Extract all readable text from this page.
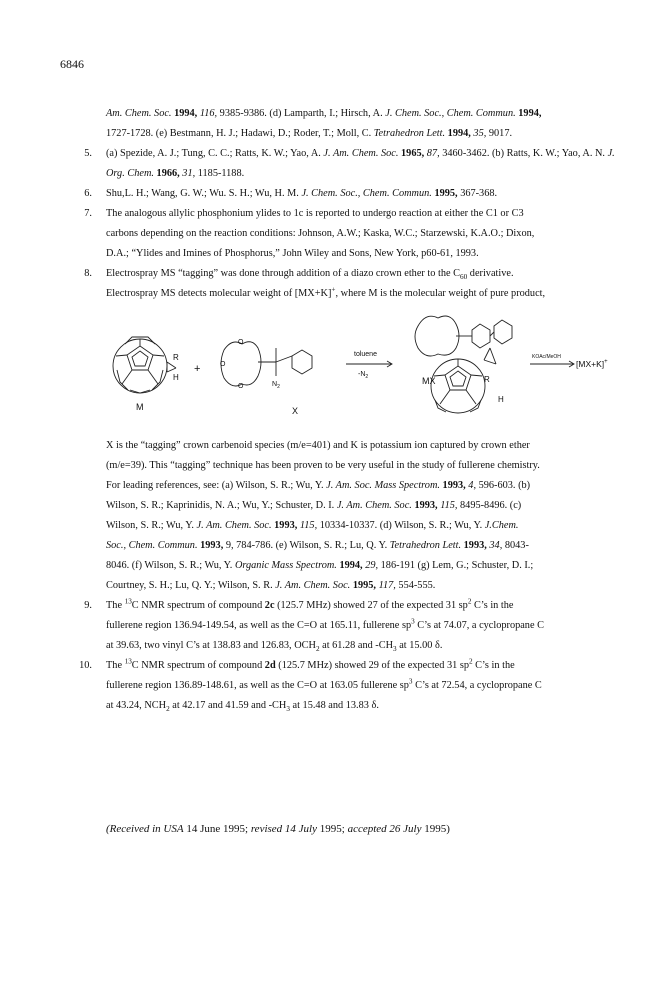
6846

Am. Chem. Soc. 1994, 116, 9385-9386. (d) Lamparth, I.; Hirsch, A. J. Chem. Soc., Chem. Commun. 1994,
1727-1728. (e) Bestmann, H. J.; Hadawi, D.; Roder, T.; Moll, C. Tetrahedron Lett. 1994, 35, 9017.

5. (a) Spezide, A. J.; Tung, C. C.; Ratts, K. W.; Yao, A. J. Am. Chem. Soc. 1965, 87, 3460-3462. (b) Ratts, K. W.; Yao, A. N. J. Org. Chem. 1966, 31, 1185-1188.
6. Shu,L. H.; Wang, G. W.; Wu. S. H.; Wu, H. M. J. Chem. Soc., Chem. Commun. 1995, 367-368.
7. The analogous allylic phosphonium ylides to 1c is reported to undergo reaction at either the C1 or C3
carbons depending on the reaction conditions: Johnson, A.W.; Kaska, W.C.; Starzewski, K.A.O.; Dixon,
D.A.; “Ylides and Imines of Phosphorus,” John Wiley and Sons, New York, p60-61, 1993.
8. Electrospray MS “tagging” was done through addition of a diazo crown ether to the $C_{60}$ derivative.
Electrospray MS detects molecular weight of [MX+K]+, where M is the molecular weight of pure product,
R
H
+
O
O
O	$N_2$
toluene
$-N_2$	R
H
KOAc/MeOH
[MX+K]+
M	X
MX

X is the “tagging” crown carbenoid species (m/e=401) and K is potassium ion captured by crown ether
(m/e=39). This “tagging” technique has been proven to be very useful in the study of fullerene chemistry.
For leading references, see: (a) Wilson, S. R.; Wu, Y. J. Am. Soc. Mass Spectrom. 1993, 4, 596-603. (b)
Wilson, S. R.; Kaprinidis, N. A.; Wu, Y.; Schuster, D. I. J. Am. Chem. Soc. 1993, 115, 8495-8496. (c)
Wilson, S. R.; Wu, Y. J. Am. Chem. Soc. 1993, 115, 10334-10337. (d) Wilson, S. R.; Wu, Y. J.Chem.
Soc., Chem. Commun. 1993, 9, 784-786. (e) Wilson, S. R.; Lu, Q. Y. Tetrahedron Lett. 1993, 34, 8043-
8046. (f) Wilson, S. R.; Wu, Y. Organic Mass Spectrom. 1994, 29, 186-191 (g) Lem, G.; Schuster, D. I.;
Courtney, S. H.; Lu, Q. Y.; Wilson, S. R. J. Am. Chem. Soc. 1995, 117, 554-555.

9. The $^{13}$C NMR spectrum of compound 2c (125.7 MHz) showed 27 of the expected 31 $sp^2$ C’s in the
fullerene region 136.94-149.54, as well as the C=O at 165.11, fullerene $sp^3$ C’s at 74.07, a cyclopropane C
at 39.63, two vinyl C’s at 138.83 and 126.83, $OCH_2$ at 61.28 and $-CH_3$ at 15.00 δ.
10. The $^{13}$C NMR spectrum of compound 2d (125.7 MHz) showed 29 of the expected 31 $sp^2$ C’s in the
fullerene region 136.89-148.61, as well as the C=O at 163.05 fullerene $sp^3$ C’s at 72.54, a cyclopropane C
at 43.24, $NCH_2$ at 42.17 and 41.59 and $-CH_3$ at 15.48 and 13.83 δ.
(Received in USA 14 June 1995; revised 14 July 1995; accepted 26 July 1995)
